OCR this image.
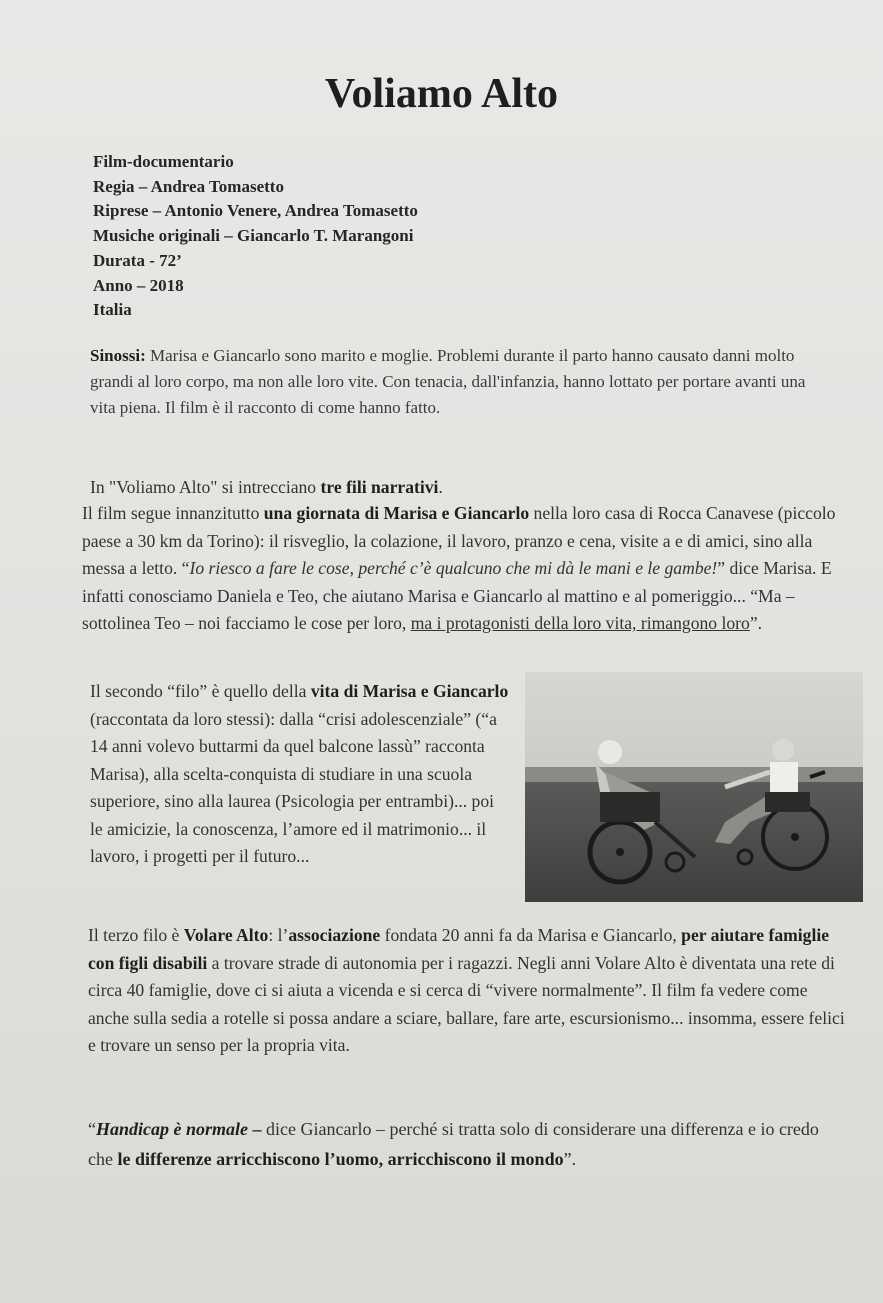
Voliamo Alto
Film-documentario
Regia – Andrea Tomasetto
Riprese – Antonio Venere, Andrea Tomasetto
Musiche originali – Giancarlo T. Marangoni
Durata - 72’
Anno – 2018
Italia

Sinossi: Marisa e Giancarlo sono marito e moglie. Problemi durante il parto hanno causato danni molto grandi al loro corpo, ma non alle loro vite. Con tenacia, dall'infanzia, hanno lottato per portare avanti una vita piena. Il film è il racconto di come hanno fatto.

In "Voliamo Alto" si intrecciano tre fili narrativi.

Il film segue innanzitutto una giornata di Marisa e Giancarlo nella loro casa di Rocca Canavese (piccolo paese a 30 km da Torino): il risveglio, la colazione, il lavoro, pranzo e cena, visite a e di amici, sino alla messa a letto. “Io riesco a fare le cose, perché c’è qualcuno che mi dà le mani e le gambe!” dice Marisa. E infatti conosciamo Daniela e Teo, che aiutano Marisa e Giancarlo al mattino e al pomeriggio... “Ma – sottolinea Teo – noi facciamo le cose per loro, ma i protagonisti della loro vita, rimangono loro”.

Il secondo “filo” è quello della vita di Marisa e Giancarlo (raccontata da loro stessi): dalla “crisi adolescenziale” (“a 14 anni volevo buttarmi da quel balcone lassù” racconta Marisa), alla scelta-conquista di studiare in una scuola superiore, sino alla laurea (Psicologia per entrambi)... poi le amicizie, la conoscenza, l’amore ed il matrimonio... il lavoro, i progetti per il futuro...

Il terzo filo è Volare Alto: l’associazione fondata 20 anni fa da Marisa e Giancarlo, per aiutare famiglie con figli disabili a trovare strade di autonomia per i ragazzi. Negli anni Volare Alto è diventata una rete di circa 40 famiglie, dove ci si aiuta a vicenda e si cerca di “vivere normalmente”. Il film fa vedere come anche sulla sedia a rotelle si possa andare a sciare, ballare, fare arte, escursionismo... insomma, essere felici e trovare un senso per la propria vita.

“Handicap è normale – dice Giancarlo – perché si tratta solo di considerare una differenza e io credo che le differenze arricchiscono l’uomo, arricchiscono il mondo”.
